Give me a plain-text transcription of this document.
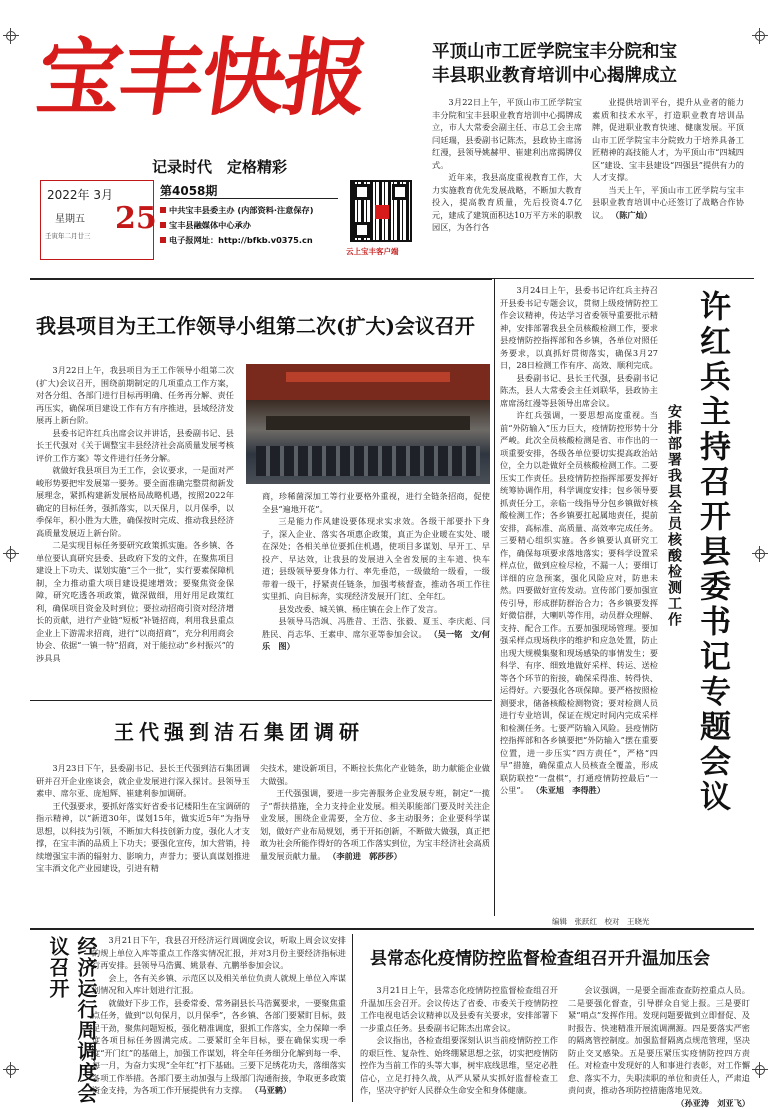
宝丰快报
记录时代　定格精彩
2022年 3月
星期五
壬寅年二月廿三 25
第4058期
中共宝丰县委主办 (内部资料·注意保存)
宝丰县融媒体中心承办
电子报网址：http://bfkb.v0375.cn
云上宝丰客户端
平顶山市工匠学院宝丰分院和宝
丰县职业教育培训中心揭牌成立

3月22日上午，平顶山市工匠学院宝丰分院和宝丰县职业教育培训中心揭牌成立，市人大常委会副主任、市总工会主席闫廷瑞，县委副书记陈杰，县政协主席汤红漫，县领导姚赫甲、崔建利出席揭牌仪式。

近年来，我县高度重视教育工作，大力实施教育优先发展战略，不断加大教育投入，提高教育质量，先后投资4.7亿元，建成了建筑面积达10万平方米的职教园区，为各行各

业提供培训平台，提升从业者的能力素质和技术水平，打造职业教育培训品牌，促进职业教育快速、健康发展。平顶山市工匠学院宝丰分院致力于培养具备工匠精神的高技能人才，为平顶山市“四城四区”建设、宝丰县建设“四强县”提供有力的人才支撑。

当天上午，平顶山市工匠学院与宝丰县职业教育培训中心还签订了战略合作协议。 （陈广灿）

我县项目为王工作领导小组第二次(扩大)会议召开

3月22日上午，我县项目为王工作领导小组第二次(扩大)会议召开，围绕前期制定的几项重点工作方案，对各分组、各部门进行目标再明确、任务再分解、责任再压实，确保项目建设工作有方有序推进，县域经济发展再上新台阶。

县委书记许红兵出席会议并讲话，县委副书记、县长王代强对《关于调整宝丰县经济社会高质量发展考核评价工作方案》等文件进行任务分解。

就做好我县项目为王工作，会议要求，一是面对严峻形势要把牢发展第一要务。要全面准确完整贯彻新发展理念，紧抓构建新发展格局战略机遇，按照2022年确定的目标任务，强抓落实，以天保月，以月保季，以季保年，积小胜为大胜，确保按时完成、推动我县经济高质量发展迈上新台阶。

二是实现目标任务要研究政策抓实施。各乡镇、各单位要认真研究县委、县政府下发的文件，在聚焦项目建设上下功夫、谋划实施“三个一批”，实行要素保障机制，全力推动重大项目建设提速增效；要聚焦资金保障，研究吃透各项政策，做深做细，用好用足政策红利，确保项目资金及时到位；要拉动招商引资对经济增长的贡献，进行产业链“短板”补链招商，利用我县重点企业上下游需求招商，进行“以商招商”，充分利用商会协会、依据“一镇一特”招商，对于能拉动“乡村振兴”的涉具具

商，珍稀菌深加工等行业要格外重视，进行全链条招商，促使全县“遍地开花”。

三是能力作风建设要体现求实求效。各级干部要扑下身子，深入企业、落实各项惠企政策，真正为企业暖在实处、暖在深处；各相关单位要抓住机遇，使项目多谋划、早开工、早投产、早达效，让我县的发展进入全省发展的主车道、快车道；县级领导要身体力行、率先垂范，一级做给一级看，一级带着一级干，抒紧责任链条，加强考核督查，推动各项工作往实里抓、向目标奔，实现经济发展开门红、全年红。

县发改委、城关镇、杨庄镇在会上作了发言。

县领导马浩飒、冯胜昔、王浩、张毅、夏玉、李庆彪、闫胜民、肖志华、王素申、席尔亚等参加会议。 （吴一铭　文/何乐　图）

王代强到洁石集团调研

3月23日下午，县委副书记、县长王代强到洁石集团调研并召开企业座谈会，就企业发展进行深入探讨。县领导玉素申、席尔亚、庞旭辉、崔建利参加调研。

王代强要求，要抓好落实好省委书记楼阳生在宝调研的指示精神，以“新道30年，谋划15年，做实近5年”为指导思想，以科技为引领，不断加大科技创新力度，强化人才支撑，在宝丰酒的品质上下功夫；要强化宣传，加大营销，持续增强宝丰酒的辐射力、影响力，声誉力；要认真谋划推进宝丰酒文化产业园建设，引进有精

尖技术，建设新项目，不断拉长焦化产业链条，助力献能企业做大做强。

王代强强调，要进一步完善服务企业发展专班，制定“一揽子”帮扶措施，全力支持企业发展。相关职能部门要及时关注企业发展，围绕企业需要，全方位、多主动服务；企业要科学谋划，做好产业布局规划，勇于开拓创新，不断做大做强，真正把敢为社会所能作得好的各项工作落实到位，为宝丰经济社会高质量发展贡献力量。 （李前进　郭莎莎）

3月24日上午，县委书记许红兵主持召开县委书记专题会议，贯彻上级疫情防控工作会议精神，传达学习省委领导重要批示精神，安排部署我县全员核酸检测工作，要求县疫情防控指挥部和各乡镇，各单位对照任务要求，以真抓好贯彻落实，确保3月27日，28日检测工作有序、高效、顺利完成。

县委副书记、县长王代强，县委副书记陈杰，县人大常委会主任刘联华，县政协主席席汤红漫等县领导出席会议。

许红兵强调，一要思想高度重视。当前“外防输入”压力巨大，疫情防控形势十分严峻。此次全员核酸检测是省、市作出的一项重要安排，各级各单位要切实提高政治站位，全力以赴做好全员核酸检测工作。二要压实工作责任。县疫情防控指挥部要发挥好统筹协调作用，科学调度安排；包乡领导要抓责任分工，亲临一线指导分包乡镇做好核酸检测工作；各乡镇要扛起属地责任，提前安排，高标准、高质量、高效率完成任务。三要精心组织实施。各乡镇要认真研究工作，确保每项要求落地落实；要科学设置采样点位，做到应检尽检，不漏一人；要细订详细的应急预案，强化风险应对，防患未然。四要做好宣传发动。宣传部门要加强宣传引导，形成群防群治合力；各乡镇要发挥好微信群，大喇叭等作用，动员群众理解、支持、配合工作。五要加强现场管理。要加强采样点现场秩序的维护和应急处置，防止出现大规模集聚和现场感染的事情发生；要科学、有序、细致地做好采样、转运、送检等各个环节的衔接，确保采得准、转得快、运得好。六要强化各项保障。要严格按照检测要求，储备核酸检测物资；要对检测人员进行专业培训，保证在规定时间内完成采样和检测任务。七要严防输入风险。县疫情防控指挥部和各乡镇要把“外防输入”摆在重要位置，进一步压实“四方责任”，严格“四早”措施，确保重点人员核查全覆盖，形成联防联控“一盘棋”，打通疫情防控最后“一公里”。 （朱亚旭　李得胜）	许红兵主持召开县委书记专题会议
安排部署我县全员核酸检测工作
编辑　张跃红　校对　王晓光
经济运行周调度会议召开	3月21日下午，我县召开经济运行周调度会议，听取上周会议安排的规上单位入库等重点工作落实情况汇报，并对3月份主要经济指标进行再安排。县领导马浩翼、姚景春、亢鹏举参加会议。

会上，各有关乡镇、示范区以及相关单位负责人就规上单位入库谋划情况和入库计划进行汇报。

就做好下步工作，县委常委、常务副县长马浩翼要求，一要聚焦重点任务，做到“以旬保月，以月保季”，各乡镇、各部门要紧盯目标，鼓足干劲，聚焦问题短板，强化精准调度，狠抓工作落实，全力保障一季度各项目标任务圆满完成。二要紧盯全年目标，要在确保实现一季度“开门红”的基础上，加强工作谋划，将全年任务细分化解到每一季、每一月，为奋力实现“全年红”打下基础。三要下足绣花功夫，落细落实各项工作举措。各部门要主动加强与上级部门沟通衔接，争取更多政策资金支持，为各项工作开展提供有力支撑。 （马亚鹤）

县常态化疫情防控监督检查组召开升温加压会

3月21日上午，县常态化疫情防控监督检查组召开升温加压会召开。会议传达了省委、市委关于疫情防控工作电视电话会议精神以及县委有关要求，安排部署下一步重点任务。县委副书记陈杰出席会议。

会议指出，各检查组要深刻认识当前疫情防控工作的艰巨性、复杂性、始终绷紧思想之弦，切实把疫情防控作为当前工作的头等大事，树牢底线思维，坚定必胜信心，立足打持久战，从严从紧从实抓好监督检查工作，坚决守护好人民群众生命安全和身体健康。

会议强调，一是要全面准查查防控重点人员。二是要强化督查，引导群众自觉上报。三是要盯紧“哨点”发挥作用。发现问题要做到立即督促、及时报告、快速精准开展流调溯源。四是要落实严密的隔离管控制度。加强监督隔离点规范管理，坚决防止交叉感染。五是要压紧压实疫情防控四方责任。对检查中发现好的人和事进行表彰，对工作懈怠、落实不力，失职渎职的单位和责任人，严肃追责问责，推动各项防控措施落地见效。

（孙亚涛　刘亚飞）
